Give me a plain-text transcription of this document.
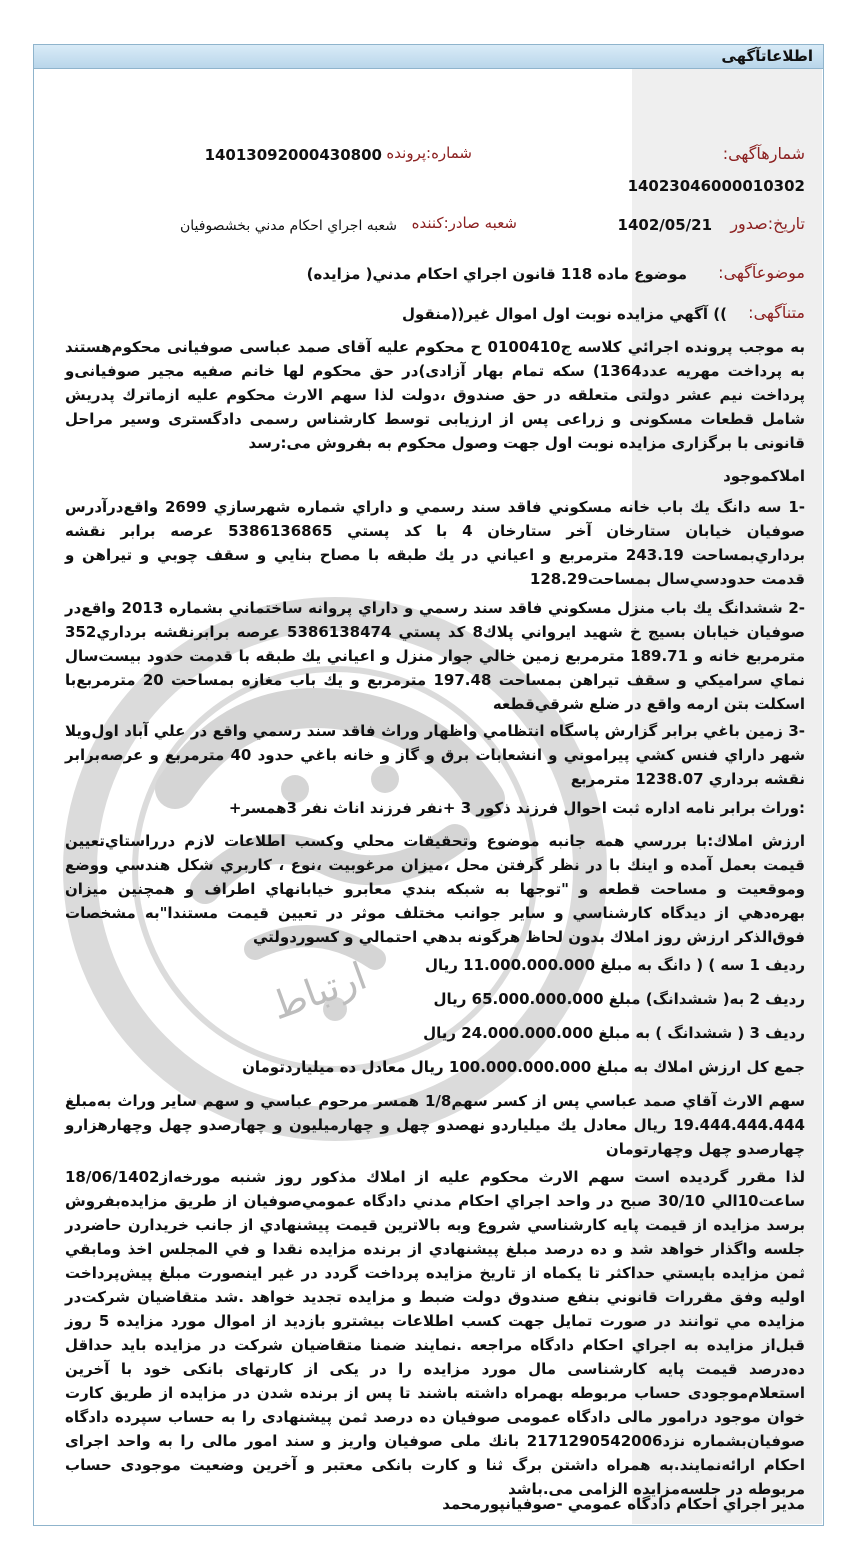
اطلاعاتآگهی
ارتباط
شمارهآگهی:
14023046000010302
شماره:پرونده
14013092000430800
تاریخ:صدور
1402/05/21
شعبه صادر:کننده
شعبه اجراي احكام مدني بخشصوفيان
موضوعآگهی:
موضوع ماده 118 قانون اجراي احكام مدني( مزايده)
متنآگهی:
)) آگهي مزايده نوبت اول اموال غير((منقول
به موجب پرونده اجرائي كلاسه ج0100410 ح محكوم عليه آقای صمد عباسی صوفيانی محكوم‌هستند به پرداخت مهريه عدد1364) سكه تمام بهار آزادی)در حق محكوم لها خانم صفيه مجير صوفيانی‌و پرداخت نيم عشر دولتی متعلقه در حق صندوق ،دولت لذا سهم الارث محكوم عليه ازماترك پدريش شامل قطعات مسكونی و زراعی پس از ارزيابی توسط كارشناس رسمی دادگستری وسير مراحل قانونی با برگزاری مزايده نوبت اول جهت وصول محكوم به بفروش می:رسد
املاكموجود
-1 سه دانگ يك باب خانه مسكوني فاقد سند رسمي و داراي شماره شهرسازي 2699 واقع‌درآدرس صوفيان خيابان ستارخان آخر ستارخان 4 با كد پستي 5386136865 عرصه برابر نقشه برداري‌بمساحت 243.19 مترمربع و اعياني در يك طبقه با مصاح بنايي و سقف چوبي و تيراهن و قدمت حدودسي‌سال بمساحت128.29
-2 ششدانگ يك باب منزل مسكوني فاقد سند رسمي و داراي پروانه ساختماني بشماره 2013 واقع‌در صوفيان خيابان بسيج خ شهيد ايرواني پلاك8 كد پستي 5386138474 عرصه برابرنقشه برداري352 مترمربع خانه و 189.71 مترمربع زمين خالي جوار منزل و اعياني يك طبقه با قدمت حدود بيست‌سال نماي سراميكي و سقف تيراهن بمساحت 197.48 مترمربع و يك باب مغازه بمساحت 20 مترمربع‌با اسكلت بتن ارمه واقع در ضلع شرقي‌قطعه
-3 زمين باغي برابر گزارش پاسگاه انتظامي واظهار وراث فاقد سند رسمي واقع در علي آباد اول‌ويلا شهر داراي فنس كشي پيراموني و انشعابات برق و گاز و خانه باغي حدود 40 مترمربع و عرصه‌برابر نقشه برداري 1238.07 مترمربع
:وراث برابر نامه اداره ثبت احوال فرزند ذكور 3 +نفر فرزند اناث نفر 3همسر+
ارزش املاك:با بررسي همه جانبه موضوع وتحقيقات محلي وكسب اطلاعات لازم درراستاي‌تعيين قيمت بعمل آمده و اينك با در نظر گرفتن محل ،ميزان مرغوبيت ،نوع ، كاربري شكل هندسي ووضع وموقعيت و مساحت قطعه و "توجها به شبكه بندي معابرو خيابانهاي اطراف و همچنين ميزان بهره‌دهي از ديدگاه كارشناسي و ساير جوانب مختلف موثر در تعيين قيمت مستندا"به مشخصات فوق‌الذكر ارزش روز املاك بدون لحاظ هرگونه بدهي احتمالي و كسوردولتي
رديف 1 سه ) ( دانگ به مبلغ 11.000.000.000 ريال
رديف 2 به( ششدانگ) مبلغ 65.000.000.000 ريال
رديف 3 ( ششدانگ ) به مبلغ 24.000.000.000 ريال
جمع كل ارزش املاك به مبلغ 100.000.000.000 ريال معادل ده ميلياردتومان
سهم الارث آقاي صمد عباسي پس از كسر سهم1/8 همسر مرحوم عباسي و سهم ساير وراث به‌مبلغ 19.444.444.444 ريال معادل يك ميلياردو نهصدو چهل و چهارميليون و چهارصدو چهل وچهارهزارو چهارصدو چهل وچهارتومان
لذا مقرر گرديده است سهم الارث محكوم عليه از املاك مذكور روز شنبه مورخه‌از18/06/1402 ساعت10الي 30/10 صبح در واحد اجراي احكام مدني دادگاه عمومي‌صوفيان از طريق مزايده‌بفروش برسد مزايده از قيمت پايه كارشناسي شروع وبه بالاترين قيمت پيشنهادي از جانب خريدارن حاضردر جلسه واگذار خواهد شد و ده درصد مبلغ پيشنهادي از برنده مزايده نقدا و في المجلس اخذ ومابقي ثمن مزايده بايستي حداكثر تا يكماه از تاريخ مزايده پرداخت گردد در غير اينصورت مبلغ پيش‌پرداخت اوليه وفق مقررات قانوني بنفع صندوق دولت ضبط و مزايده تجديد خواهد .شد متقاضيان شركت‌در مزايده مي توانند در صورت تمايل جهت كسب اطلاعات بيشترو بازديد از اموال مورد مزايده 5 روز قبل‌از مزايده به اجراي احكام دادگاه مراجعه .نمايند ضمنا متقاضيان شركت در مزايده بايد حداقل ده‌درصد قيمت پايه كارشناسی مال مورد مزايده را در يكی از كارتهای بانكی خود با آخرين استعلام‌موجودی حساب مربوطه بهمراه داشته باشند تا پس از برنده شدن در مزايده از طريق كارت خوان موجود درامور مالی دادگاه عمومی صوفيان ده درصد ثمن پيشنهادی را به حساب سپرده دادگاه صوفيان‌بشماره نزد2171290542006 بانك ملی صوفيان واريز و سند امور مالی را به واحد اجرای احكام ارائه‌نمايند.به همراه داشتن برگ ثنا و كارت بانكی معتبر و آخرين وضعيت موجودی حساب مربوطه در جلسه‌مزايده الزامی می.باشد
مدير اجراي احكام دادگاه عمومي -صوفيانپورمحمد
